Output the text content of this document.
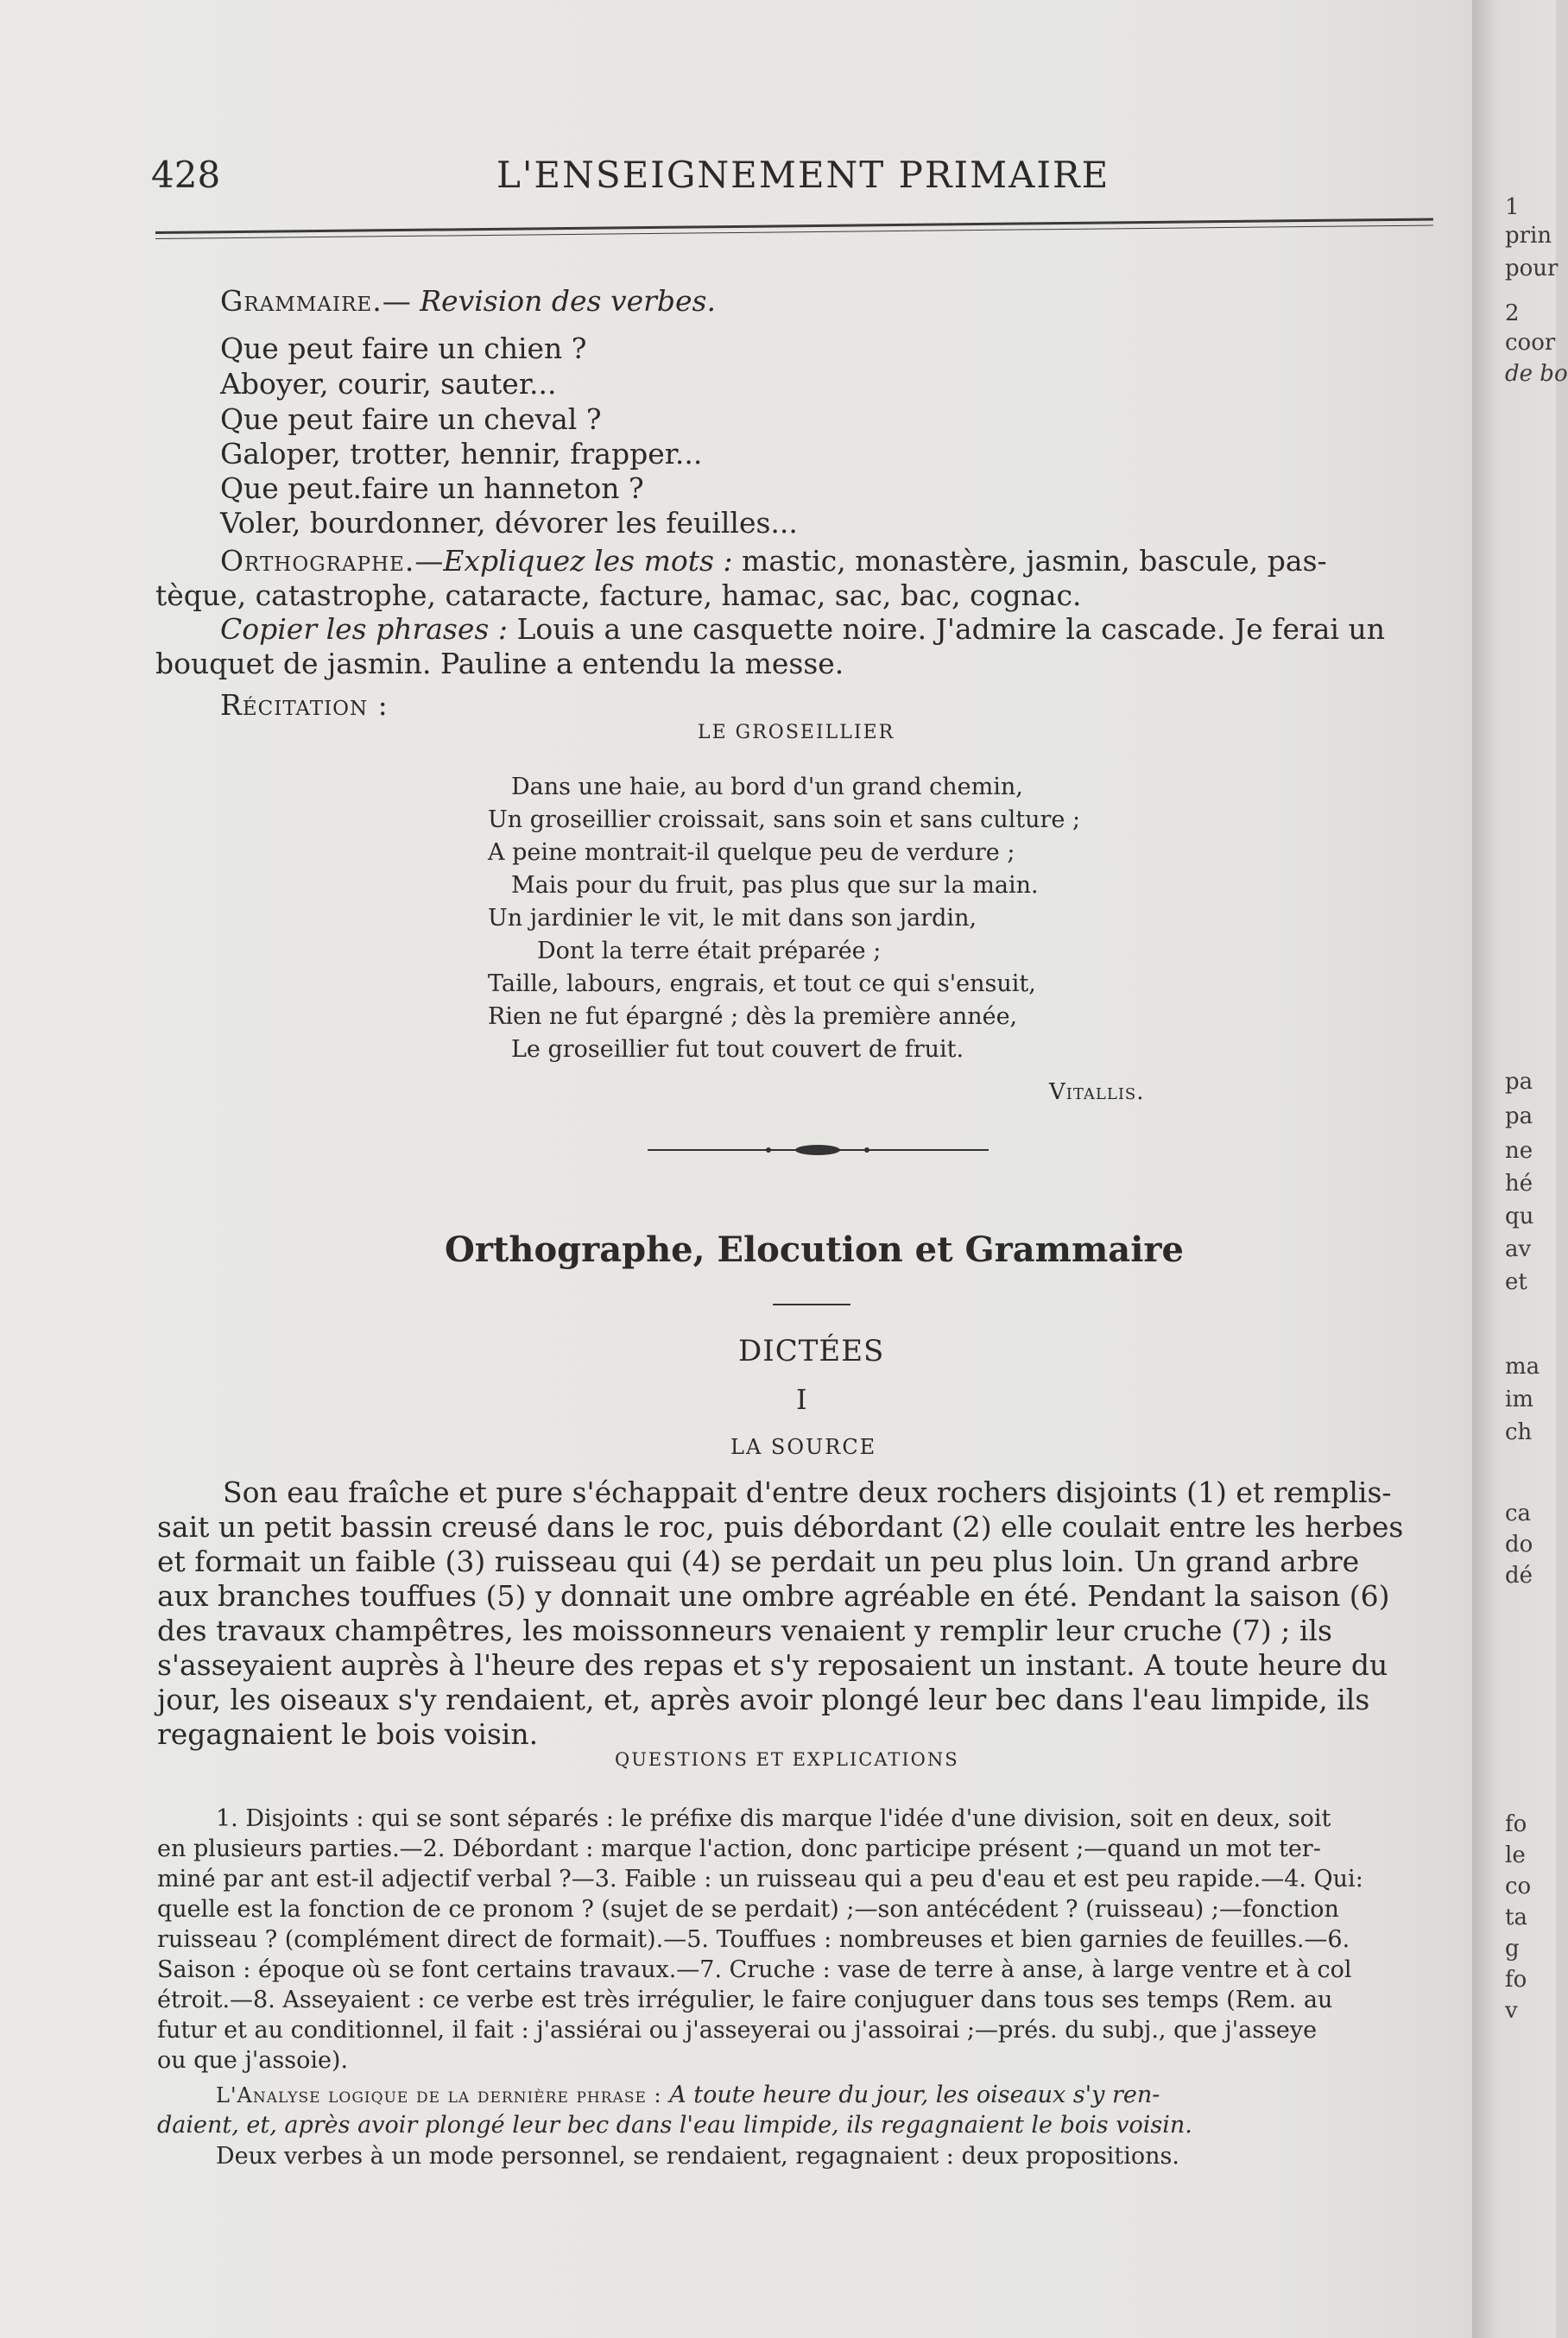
428	L'ENSEIGNEMENT PRIMAIRE
Grammaire.— Revision des verbes.
Que peut faire un chien ?
Aboyer, courir, sauter...
Que peut faire un cheval ?
Galoper, trotter, hennir, frapper...
Que peut.faire un hanneton ?
Voler, bourdonner, dévorer les feuilles...
Orthographe.—Expliquez les mots : mastic, monastère, jasmin, bascule, pas-
tèque, catastrophe, cataracte, facture, hamac, sac, bac, cognac.
Copier les phrases : Louis a une casquette noire. J'admire la cascade. Je ferai un
bouquet de jasmin. Pauline a entendu la messe.
Récitation :
LE GROSEILLIER
Dans une haie, au bord d'un grand chemin,
Un groseillier croissait, sans soin et sans culture ;
A peine montrait-il quelque peu de verdure ;
Mais pour du fruit, pas plus que sur la main.
Un jardinier le vit, le mit dans son jardin,
Dont la terre était préparée ;
Taille, labours, engrais, et tout ce qui s'ensuit,
Rien ne fut épargné ; dès la première année,
Le groseillier fut tout couvert de fruit.
Vitallis.
Orthographe, Elocution et Grammaire
DICTÉES
I
LA SOURCE
Son eau fraîche et pure s'échappait d'entre deux rochers disjoints (1) et remplis-
sait un petit bassin creusé dans le roc, puis débordant (2) elle coulait entre les herbes
et formait un faible (3) ruisseau qui (4) se perdait un peu plus loin. Un grand arbre
aux branches touffues (5) y donnait une ombre agréable en été. Pendant la saison (6)
des travaux champêtres, les moissonneurs venaient y remplir leur cruche (7) ; ils
s'asseyaient auprès à l'heure des repas et s'y reposaient un instant. A toute heure du
jour, les oiseaux s'y rendaient, et, après avoir plongé leur bec dans l'eau limpide, ils
regagnaient le bois voisin.
QUESTIONS ET EXPLICATIONS
1. Disjoints : qui se sont séparés : le préfixe dis marque l'idée d'une division, soit en deux, soit
en plusieurs parties.—2. Débordant : marque l'action, donc participe présent ;—quand un mot ter-
miné par ant est-il adjectif verbal ?—3. Faible : un ruisseau qui a peu d'eau et est peu rapide.—4. Qui:
quelle est la fonction de ce pronom ? (sujet de se perdait) ;—son antécédent ? (ruisseau) ;—fonction
ruisseau ? (complément direct de formait).—5. Touffues : nombreuses et bien garnies de feuilles.—6.
Saison : époque où se font certains travaux.—7. Cruche : vase de terre à anse, à large ventre et à col
étroit.—8. Asseyaient : ce verbe est très irrégulier, le faire conjuguer dans tous ses temps (Rem. au
futur et au conditionnel, il fait : j'assiérai ou j'asseyerai ou j'assoirai ;—prés. du subj., que j'asseye
ou que j'assoie).
L'Analyse logique de la dernière phrase : A toute heure du jour, les oiseaux s'y ren-
daient, et, après avoir plongé leur bec dans l'eau limpide, ils regagnaient le bois voisin.
Deux verbes à un mode personnel, se rendaient, regagnaient : deux propositions.
1
prin
pour
2
coor
de bo
pa
pa
ne
hé
qu
av
et
ma
im
ch
ca
do
dé
fo
le
co
ta
g
fo
v
